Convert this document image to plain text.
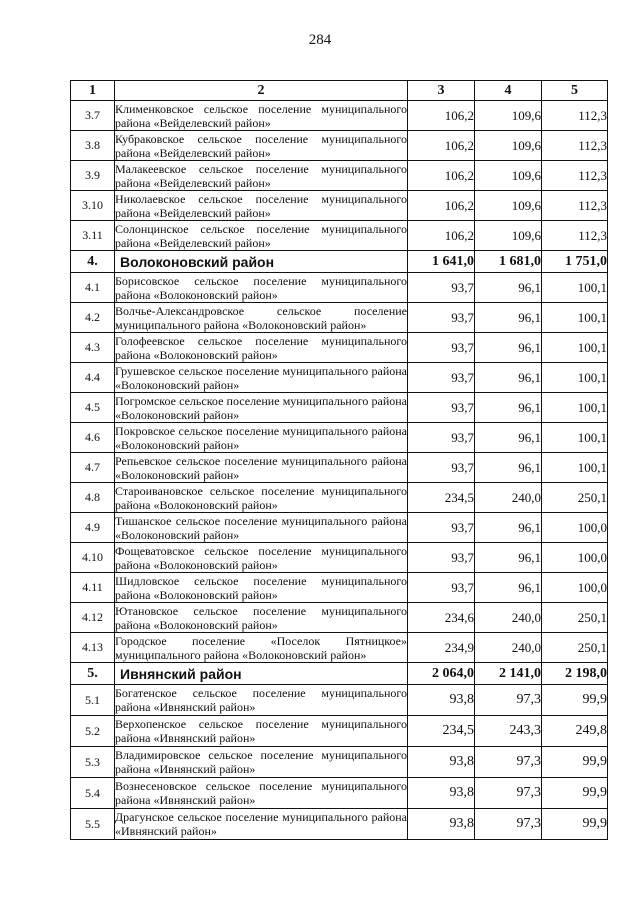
284
1	2	3	4	5
3.7	Клименковское сельское поселение муниципального района «Вейделевский район»	106,2	109,6	112,3
3.8	Кубраковское сельское поселение муниципального района «Вейделевский район»	106,2	109,6	112,3
3.9	Малакеевское сельское поселение муниципального района «Вейделевский район»	106,2	109,6	112,3
3.10	Николаевское сельское поселение муниципального района «Вейделевский район»	106,2	109,6	112,3
3.11	Солонцинское сельское поселение муниципального района «Вейделевский район»	106,2	109,6	112,3
4.	Волоконовский район	1 641,0	1 681,0	1 751,0
4.1	Борисовское сельское поселение муниципального района «Волоконовский район»	93,7	96,1	100,1
4.2	Волчье-Александровское сельское поселение муниципального района «Волоконовский район»	93,7	96,1	100,1
4.3	Голофеевское сельское поселение муниципального района «Волоконовский район»	93,7	96,1	100,1
4.4	Грушевское сельское поселение муниципального района «Волоконовский район»	93,7	96,1	100,1
4.5	Погромское сельское поселение муниципального района «Волоконовский район»	93,7	96,1	100,1
4.6	Покровское сельское поселение муниципального района «Волоконовский район»	93,7	96,1	100,1
4.7	Репьевское сельское поселение муниципального района «Волоконовский район»	93,7	96,1	100,1
4.8	Староивановское сельское поселение муниципального района «Волоконовский район»	234,5	240,0	250,1
4.9	Тишанское сельское поселение муниципального района «Волоконовский район»	93,7	96,1	100,0
4.10	Фощеватовское сельское поселение муниципального района «Волоконовский район»	93,7	96,1	100,0
4.11	Шидловское сельское поселение муниципального района «Волоконовский район»	93,7	96,1	100,0
4.12	Ютановское сельское поселение муниципального района «Волоконовский район»	234,6	240,0	250,1
4.13	Городское поселение «Поселок Пятницкое» муниципального района «Волоконовский район»	234,9	240,0	250,1
5.	Ивнянский район	2 064,0	2 141,0	2 198,0
5.1	Богатенское сельское поселение муниципального района «Ивнянский район»	93,8	97,3	99,9
5.2	Верхопенское сельское поселение муниципального района «Ивнянский район»	234,5	243,3	249,8
5.3	Владимировское сельское поселение муниципального района «Ивнянский район»	93,8	97,3	99,9
5.4	Вознесеновское сельское поселение муниципального района «Ивнянский район»	93,8	97,3	99,9
5.5	Драгунское сельское поселение муниципального района «Ивнянский район»	93,8	97,3	99,9
